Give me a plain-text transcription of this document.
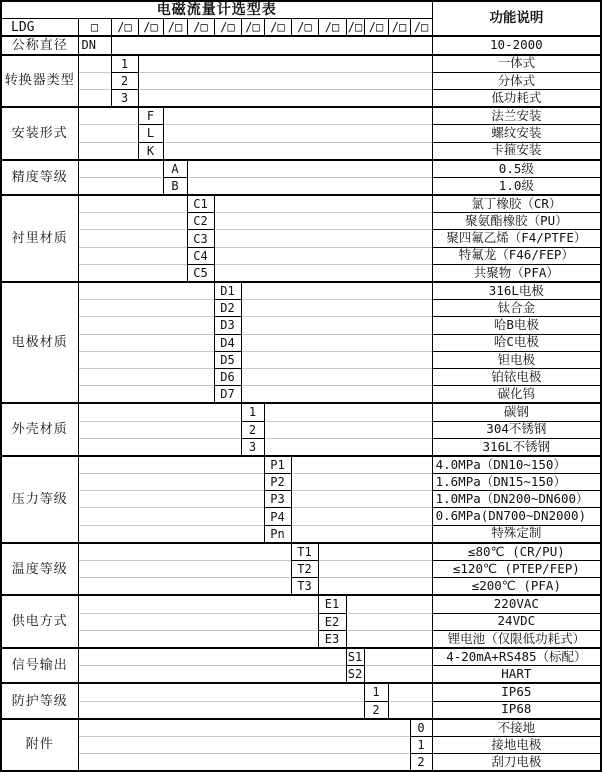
电磁流量计选型表															功能说明
LDG	□	/□	/□	/□	/□	/□	/□	/□	/□	/□	/□	/□	/□	/□	
公称直径	DN														10-2000
转换器类型		1													一体式
		2													分体式
		3													低功耗式
安装形式			F												法兰安装
			L												螺纹安装
			K												卡箍安装
精度等级				A											0.5级
				B											1.0级
衬里材质					C1										氯丁橡胶（CR）
					C2										聚氨酯橡胶（PU）
					C3										聚四氟乙烯（F4/PTFE）
					C4										特氟龙（F46/FEP）
					C5										共聚物（PFA）
电极材质						D1									316L电极
						D2									钛合金
						D3									哈B电极
						D4									哈C电极
						D5									钽电极
						D6									铂铱电极
						D7									碳化钨
外壳材质							1								碳钢
							2								304不锈钢
							3								316L不锈钢
压力等级								P1							4.0MPa（DN10~150）
								P2							1.6MPa（DN15~150）
								P3							1.0MPa（DN200~DN600）
								P4							0.6MPa(DN700~DN2000)
								Pn							特殊定制
温度等级									T1						≤80℃ (CR/PU)
									T2						≤120℃ (PTEP/FEP)
									T3						≤200℃ (PFA)
供电方式										E1					220VAC
										E2					24VDC
										E3					锂电池（仅限低功耗式）
信号输出											S1				4-20mA+RS485（标配）
											S2				HART
防护等级												1			IP65
												2			IP68
附件														0	不接地
														1	接地电极
														2	刮刀电极
